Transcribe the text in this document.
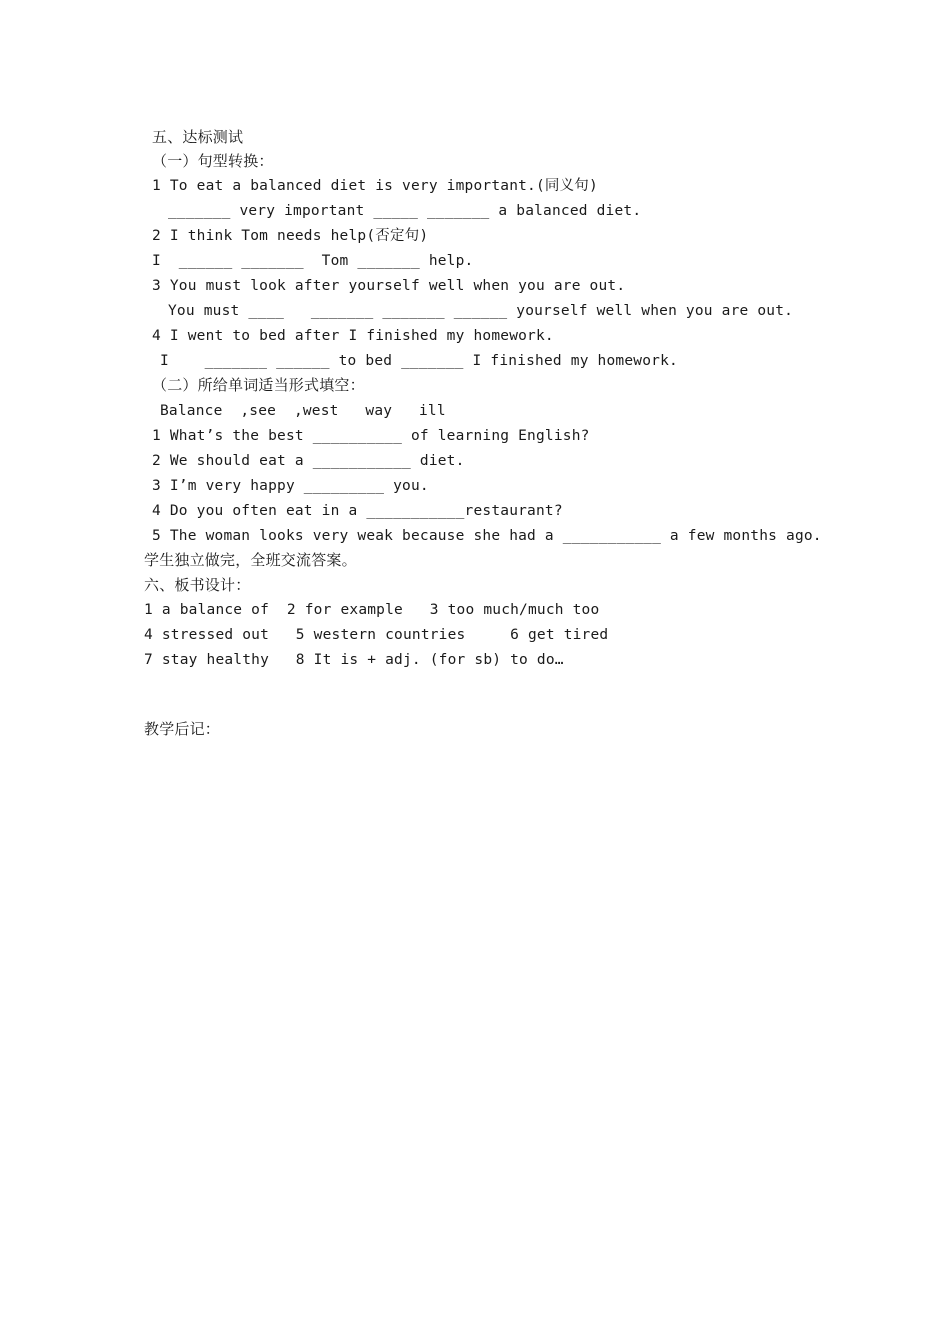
五、达标测试
（一）句型转换：
1 To eat a balanced diet is very important.(同义句)
_______ very important _____ _______ a balanced diet.
2 I think Tom needs help(否定句)
I  ______ _______  Tom _______ help.
3 You must look after yourself well when you are out.
You must ____   _______ _______ ______ yourself well when you are out.
4 I went to bed after I finished my homework.
I    _______ ______ to bed _______ I finished my homework.
（二）所给单词适当形式填空：
Balance  ,see  ,west   way   ill
1 What’s the best __________ of learning English?
2 We should eat a ___________ diet.
3 I’m very happy _________ you.
4 Do you often eat in a ___________restaurant?
5 The woman looks very weak because she had a ___________ a few months ago.
学生独立做完，全班交流答案。
六、板书设计：
1 a balance of  2 for example   3 too much/much too
4 stressed out   5 western countries     6 get tired
7 stay healthy   8 It is + adj. (for sb) to do…
教学后记：
